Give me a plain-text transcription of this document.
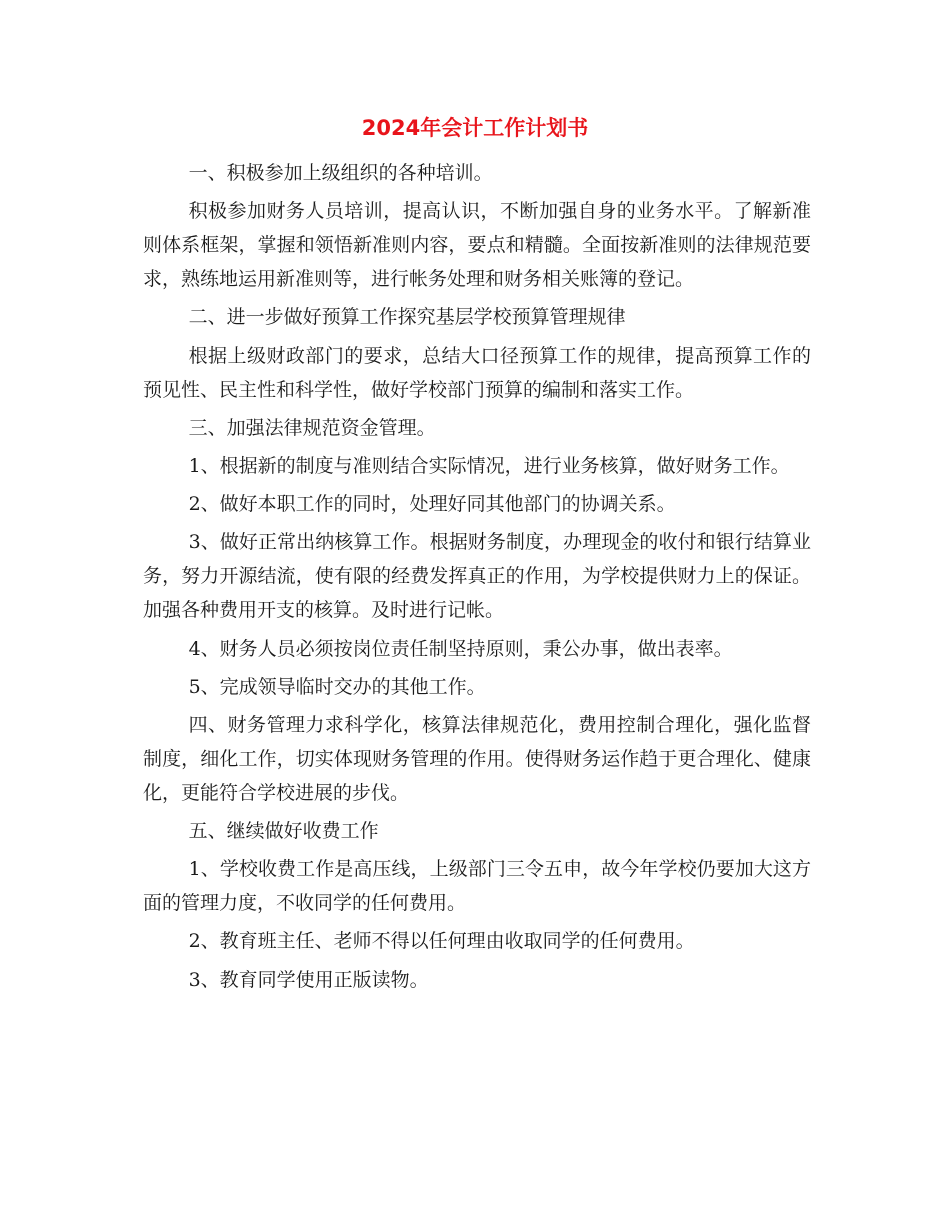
2024年会计工作计划书

一、积极参加上级组织的各种培训。

积极参加财务人员培训，提高认识，不断加强自身的业务水平。了解新准则体系框架，掌握和领悟新准则内容，要点和精髓。全面按新准则的法律规范要求，熟练地运用新准则等，进行帐务处理和财务相关账簿的登记。

二、进一步做好预算工作探究基层学校预算管理规律

根据上级财政部门的要求，总结大口径预算工作的规律，提高预算工作的预见性、民主性和科学性，做好学校部门预算的编制和落实工作。

三、加强法律规范资金管理。

1、根据新的制度与准则结合实际情况，进行业务核算，做好财务工作。

2、做好本职工作的同时，处理好同其他部门的协调关系。

3、做好正常出纳核算工作。根据财务制度，办理现金的收付和银行结算业务，努力开源结流，使有限的经费发挥真正的作用，为学校提供财力上的保证。加强各种费用开支的核算。及时进行记帐。

4、财务人员必须按岗位责任制坚持原则，秉公办事，做出表率。

5、完成领导临时交办的其他工作。

四、财务管理力求科学化，核算法律规范化，费用控制合理化，强化监督制度，细化工作，切实体现财务管理的作用。使得财务运作趋于更合理化、健康化，更能符合学校进展的步伐。

五、继续做好收费工作

1、学校收费工作是高压线，上级部门三令五申，故今年学校仍要加大这方面的管理力度，不收同学的任何费用。

2、教育班主任、老师不得以任何理由收取同学的任何费用。

3、教育同学使用正版读物。
